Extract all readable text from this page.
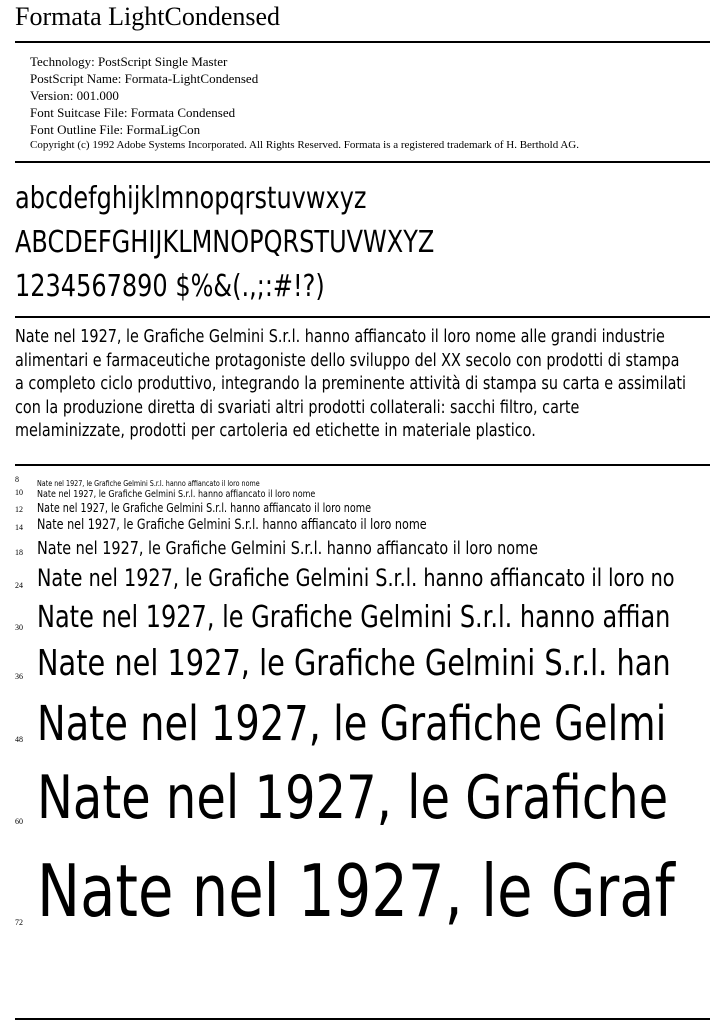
Formata LightCondensed
Technology: PostScript Single Master
PostScript Name: Formata-LightCondensed
Version: 001.000
Font Suitcase File: Formata Condensed
Font Outline File: FormaLigCon
Copyright (c) 1992 Adobe Systems Incorporated. All Rights Reserved. Formata is a registered trademark of H. Berthold AG.
abcdefghijklmnopqrstuvwxyz
ABCDEFGHIJKLMNOPQRSTUVWXYZ
1234567890 $%&(.,;:#!?)
Nate nel 1927, le Grafiche Gelmini S.r.l. hanno affiancato il loro nome alle grandi industrie
alimentari e farmaceutiche protagoniste dello sviluppo del XX secolo con prodotti di stampa
a completo ciclo produttivo, integrando la preminente attività di stampa su carta e assimilati
con la produzione diretta di svariati altri prodotti collaterali: sacchi filtro, carte
melaminizzate, prodotti per cartoleria ed etichette in materiale plastico.
8 Nate nel 1927, le Grafiche Gelmini S.r.l. hanno affiancato il loro nome
10 Nate nel 1927, le Grafiche Gelmini S.r.l. hanno affiancato il loro nome
12 Nate nel 1927, le Grafiche Gelmini S.r.l. hanno affiancato il loro nome
14 Nate nel 1927, le Grafiche Gelmini S.r.l. hanno affiancato il loro nome
18 Nate nel 1927, le Grafiche Gelmini S.r.l. hanno affiancato il loro nome
24 Nate nel 1927, le Grafiche Gelmini S.r.l. hanno affiancato il loro no
30 Nate nel 1927, le Grafiche Gelmini S.r.l. hanno affian
36 Nate nel 1927, le Grafiche Gelmini S.r.l. han
48 Nate nel 1927, le Grafiche Gelmi
60 Nate nel 1927, le Grafiche
72 Nate nel 1927, le Graf
